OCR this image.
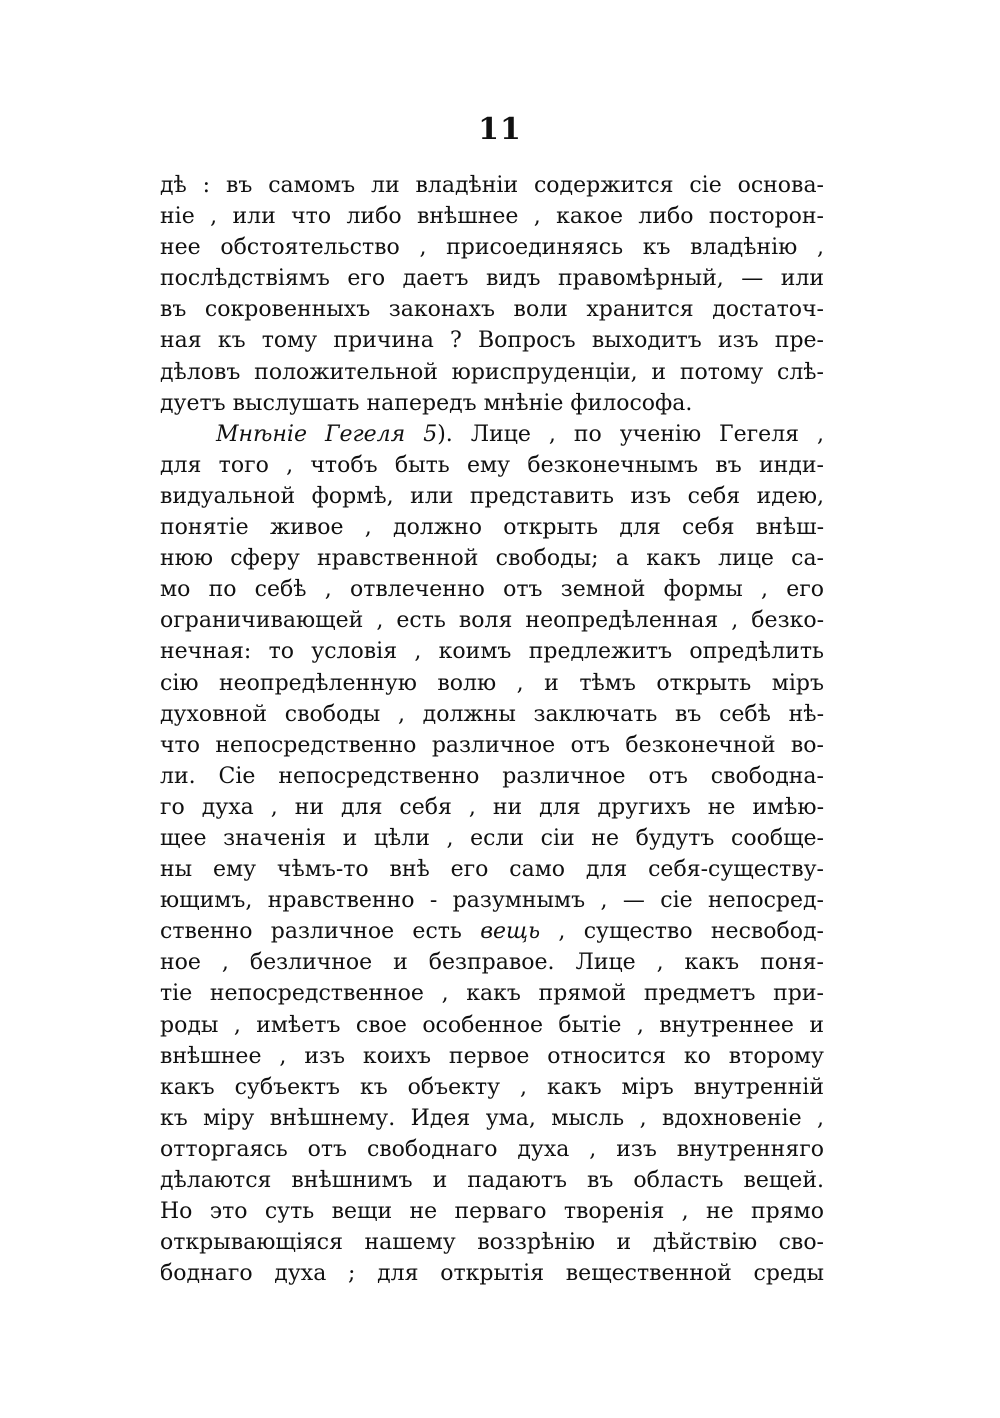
11
дѣ : въ самомъ ли владѣніи содержится сіе основа-
ніе , или что либо внѣшнее , какое либо посторон-
нее обстоятельство , присоединяясь къ владѣнію ,
послѣдствіямъ его даетъ видъ правомѣрный, — или
въ сокровенныхъ законахъ воли хранится достаточ-
ная къ тому причина ? Вопросъ выходитъ изъ пре-
дѣловъ положительной юриспруденціи, и потому слѣ-
дуетъ выслушать напередъ мнѣніе философа.
Мнѣніе Гегеля 5). Лице , по ученію Гегеля ,
для того , чтобъ быть ему безконечнымъ въ инди-
видуальной формѣ, или представить изъ себя идею,
понятіе живое , должно открыть для себя внѣш-
нюю сферу нравственной свободы; а какъ лице са-
мо по себѣ , отвлеченно отъ земной формы , его
ограничивающей , есть воля неопредѣленная , безко-
нечная: то условія , коимъ предлежитъ опредѣлить
сію неопредѣленную волю , и тѣмъ открыть міръ
духовной свободы , должны заключать въ себѣ нѣ-
что непосредственно различное отъ безконечной во-
ли. Сіе непосредственно различное отъ свободна-
го духа , ни для себя , ни для другихъ не имѣю-
щее значенія и цѣли , если сіи не будутъ сообще-
ны ему чѣмъ-то внѣ его само для себя-существу-
ющимъ, нравственно - разумнымъ , — сіе непосред-
ственно различное есть вещь , существо несвобод-
ное , безличное и безправое. Лице , какъ поня-
тіе непосредственное , какъ прямой предметъ при-
роды , имѣетъ свое особенное бытіе , внутреннее и
внѣшнее , изъ коихъ первое относится ко второму
какъ субъектъ къ объекту , какъ міръ внутренній
къ міру внѣшнему. Идея ума, мысль , вдохновеніе ,
отторгаясь отъ свободнаго духа , изъ внутренняго
дѣлаются внѣшнимъ и падаютъ въ область вещей.
Но это суть вещи не перваго творенія , не прямо
открывающіяся нашему воззрѣнію и дѣйствію сво-
боднаго духа ; для открытія вещественной среды
